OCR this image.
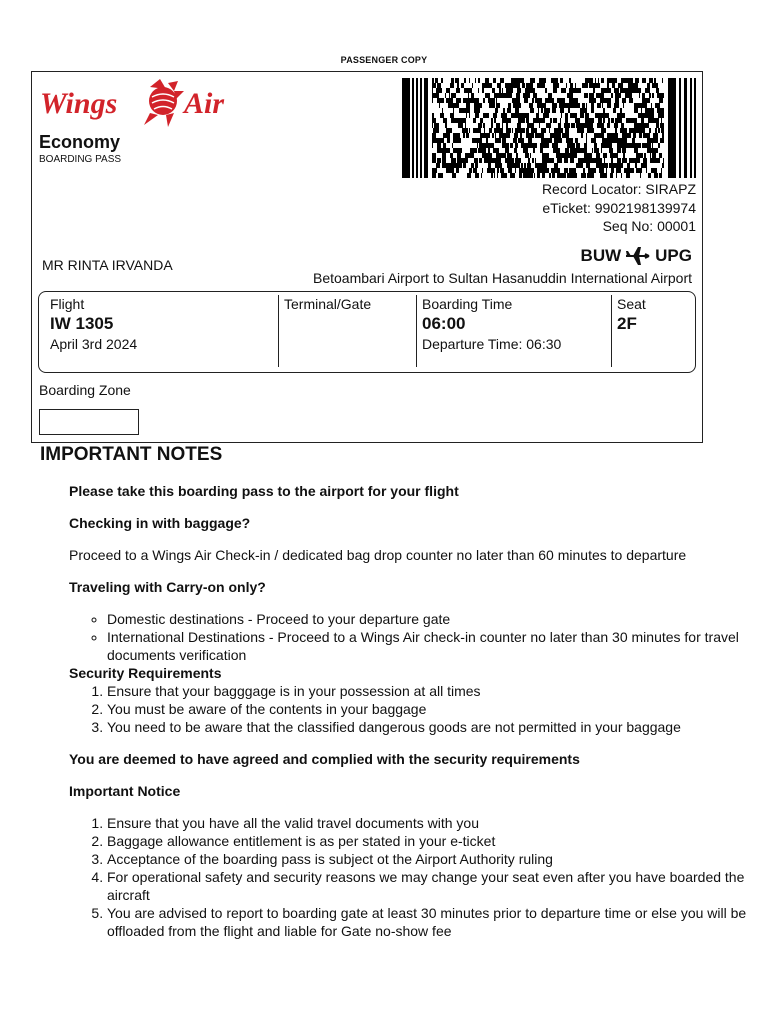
PASSENGER COPY
Wings Air
Economy
BOARDING PASS
Record Locator: SIRAPZ
eTicket: 9902198139974
Seq No: 00001
MR RINTA IRVANDA	BUW UPG
Betoambari Airport to Sultan Hasanuddin International Airport
Flight
IW 1305
April 3rd 2024
Terminal/Gate	Boarding Time
06:00
Departure Time: 06:30
Seat
2F
Boarding Zone
IMPORTANT NOTES

Please take this boarding pass to the airport for your flight

Checking in with baggage?

Proceed to a Wings Air Check-in / dedicated bag drop counter no later than 60 minutes to departure

Traveling with Carry-on only?

◦ Domestic destinations - Proceed to your departure gate
◦ International Destinations - Proceed to a Wings Air check-in counter no later than 30 minutes for travel documents verification

Security Requirements

1. Ensure that your bagggage is in your possession at all times
2. You must be aware of the contents in your baggage
3. You need to be aware that the classified dangerous goods are not permitted in your baggage

You are deemed to have agreed and complied with the security requirements

Important Notice

1. Ensure that you have all the valid travel documents with you
2. Baggage allowance entitlement is as per stated in your e-ticket
3. Acceptance of the boarding pass is subject ot the Airport Authority ruling
4. For operational safety and security reasons we may change your seat even after you have boarded the aircraft
5. You are advised to report to boarding gate at least 30 minutes prior to departure time or else you will be offloaded from the flight and liable for Gate no-show fee
